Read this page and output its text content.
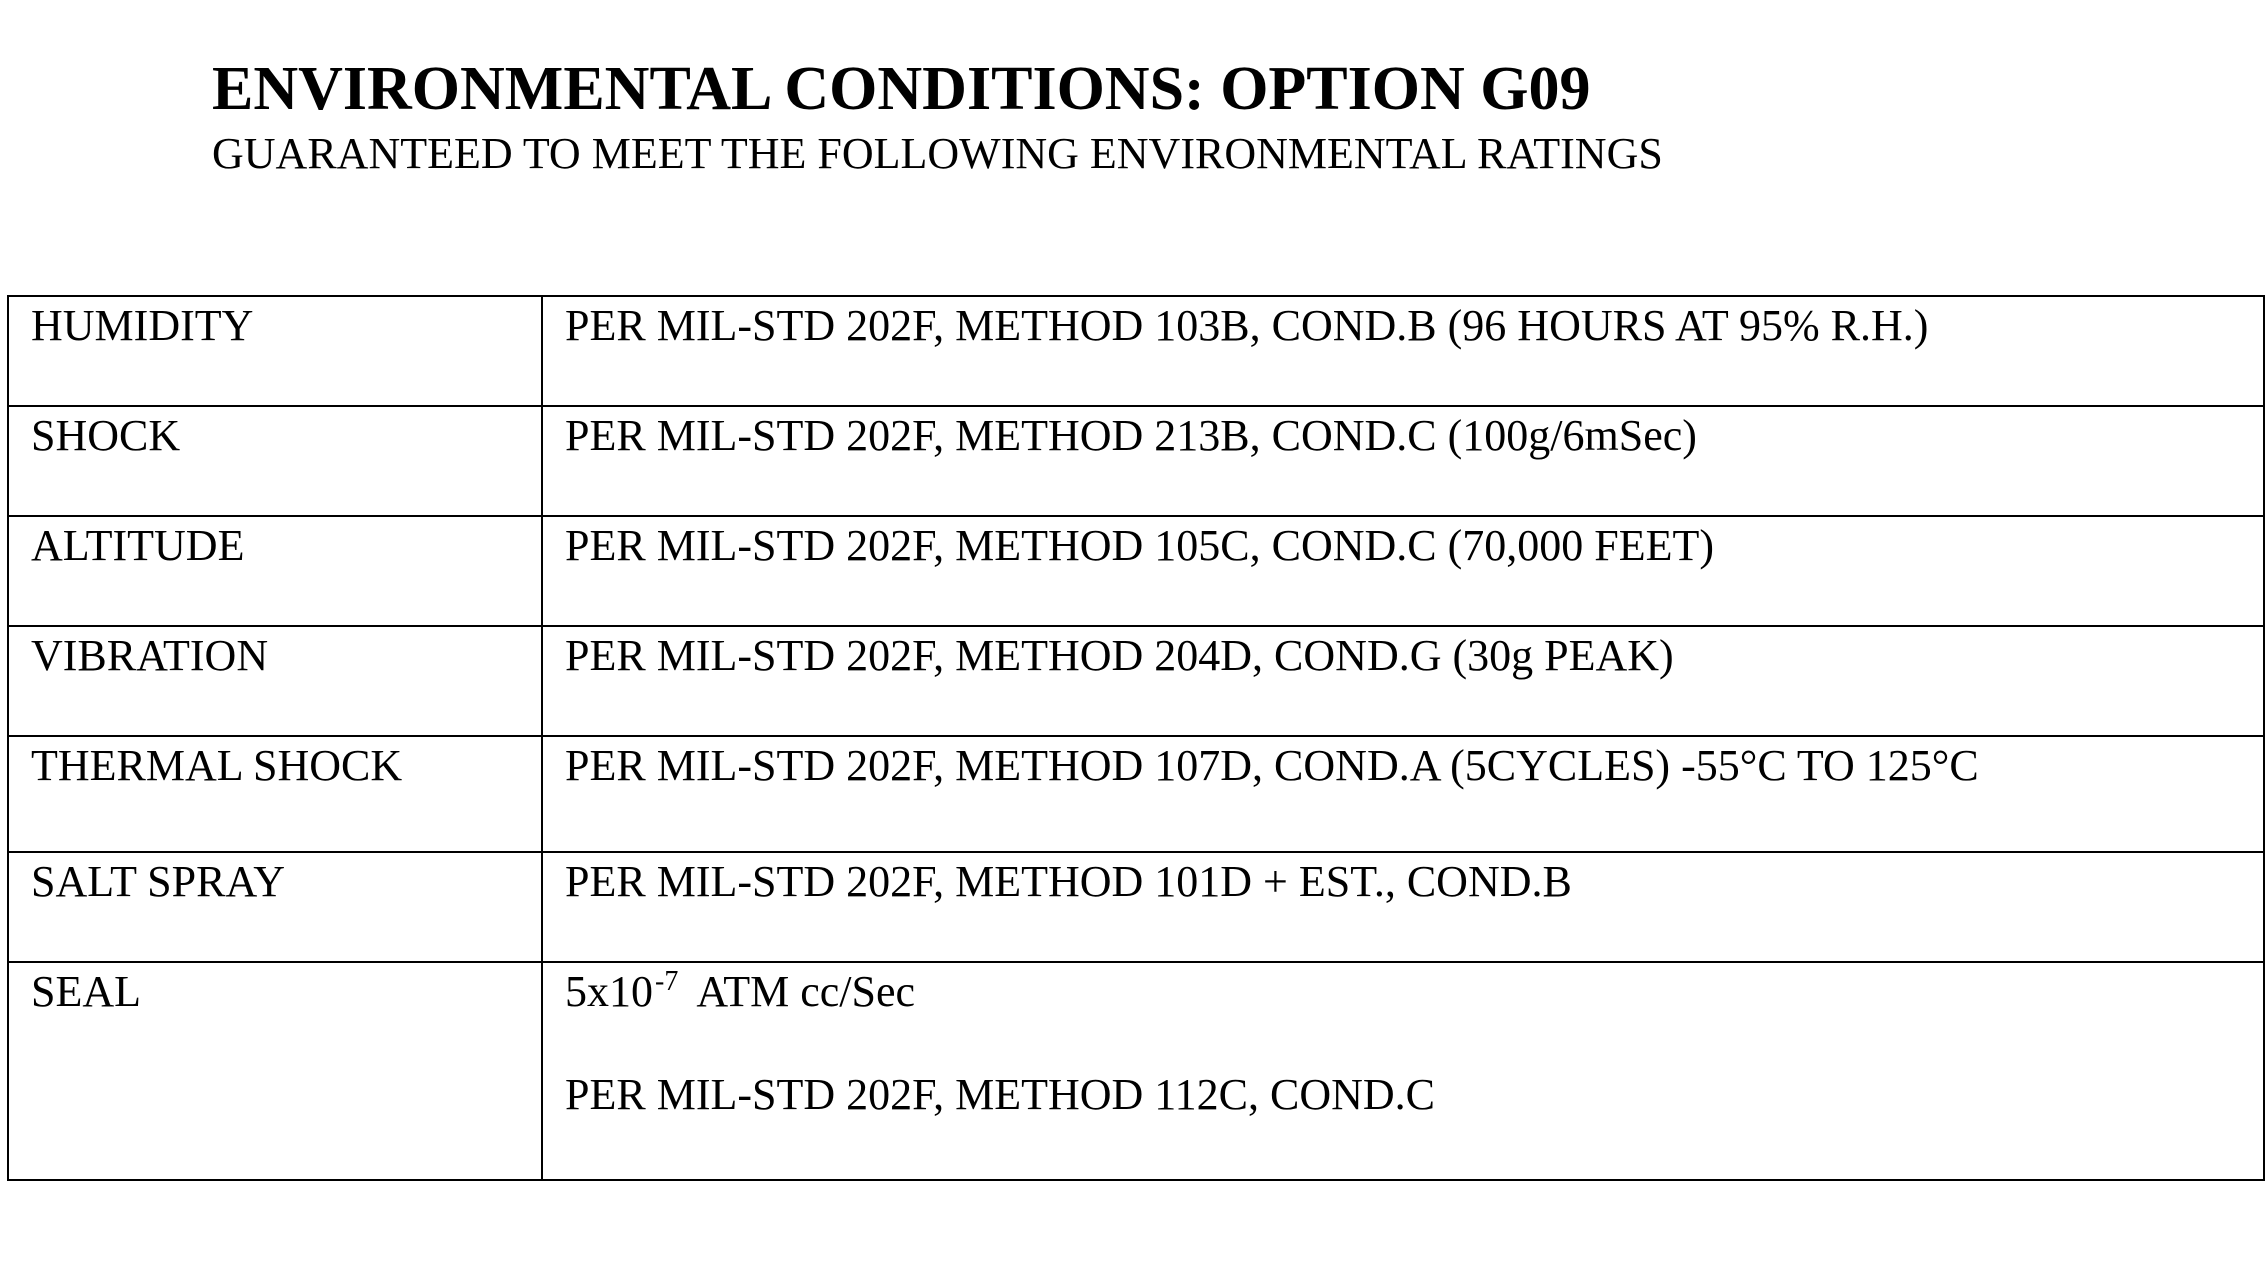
ENVIRONMENTAL CONDITIONS: OPTION G09
GUARANTEED TO MEET THE FOLLOWING ENVIRONMENTAL RATINGS
HUMIDITY	PER MIL-STD 202F, METHOD 103B, COND.B (96 HOURS AT 95% R.H.)

SHOCK	PER MIL-STD 202F, METHOD 213B, COND.C (100g/6mSec)

ALTITUDE	PER MIL-STD 202F, METHOD 105C, COND.C (70,000 FEET)

VIBRATION	PER MIL-STD 202F, METHOD 204D, COND.G (30g PEAK)

THERMAL SHOCK	PER MIL-STD 202F, METHOD 107D, COND.A (5CYCLES) -55°C TO 125°C

SALT SPRAY	PER MIL-STD 202F, METHOD 101D + EST., COND.B

SEAL	$5x10^{-7}$ ATM cc/Sec
PER MIL-STD 202F, METHOD 112C, COND.C
